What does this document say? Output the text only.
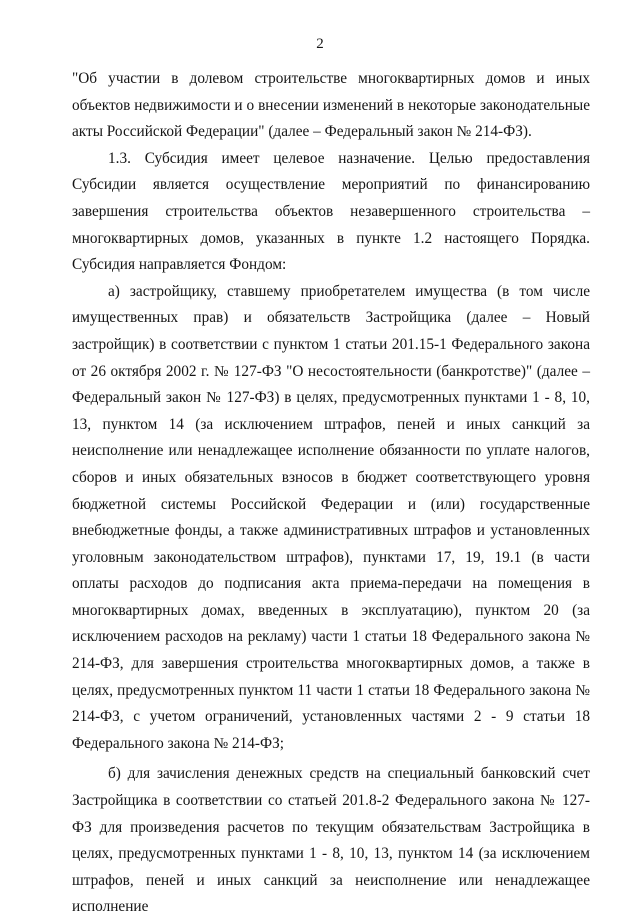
2

"Об участии в долевом строительстве многоквартирных домов и иных объектов недвижимости и о внесении изменений в некоторые законодательные акты Российской Федерации" (далее – Федеральный закон № 214-ФЗ).

1.3. Субсидия имеет целевое назначение. Целью предоставления Субсидии является осуществление мероприятий по финансированию завершения строительства объектов незавершенного строительства – многоквартирных домов, указанных в пункте 1.2 настоящего Порядка. Субсидия направляется Фондом:

а) застройщику, ставшему приобретателем имущества (в том числе имущественных прав) и обязательств Застройщика (далее – Новый застройщик) в соответствии с пунктом 1 статьи 201.15-1 Федерального закона от 26 октября 2002 г. № 127-ФЗ "О несостоятельности (банкротстве)" (далее – Федеральный закон № 127-ФЗ) в целях, предусмотренных пунктами 1 - 8, 10, 13, пунктом 14 (за исключением штрафов, пеней и иных санкций за неисполнение или ненадлежащее исполнение обязанности по уплате налогов, сборов и иных обязательных взносов в бюджет соответствующего уровня бюджетной системы Российской Федерации и (или) государственные внебюджетные фонды, а также административных штрафов и установленных уголовным законодательством штрафов), пунктами 17, 19, 19.1 (в части оплаты расходов до подписания акта приема-передачи на помещения в многоквартирных домах, введенных в эксплуатацию), пунктом 20 (за исключением расходов на рекламу) части 1 статьи 18 Федерального закона № 214-ФЗ, для завершения строительства многоквартирных домов, а также в целях, предусмотренных пунктом 11 части 1 статьи 18 Федерального закона № 214-ФЗ, с учетом ограничений, установленных частями 2 - 9 статьи 18 Федерального закона № 214-ФЗ;

б) для зачисления денежных средств на специальный банковский счет Застройщика в соответствии со статьей 201.8-2 Федерального закона № 127-ФЗ для произведения расчетов по текущим обязательствам Застройщика в целях, предусмотренных пунктами 1 - 8, 10, 13, пунктом 14 (за исключением штрафов, пеней и иных санкций за неисполнение или ненадлежащее исполнение
